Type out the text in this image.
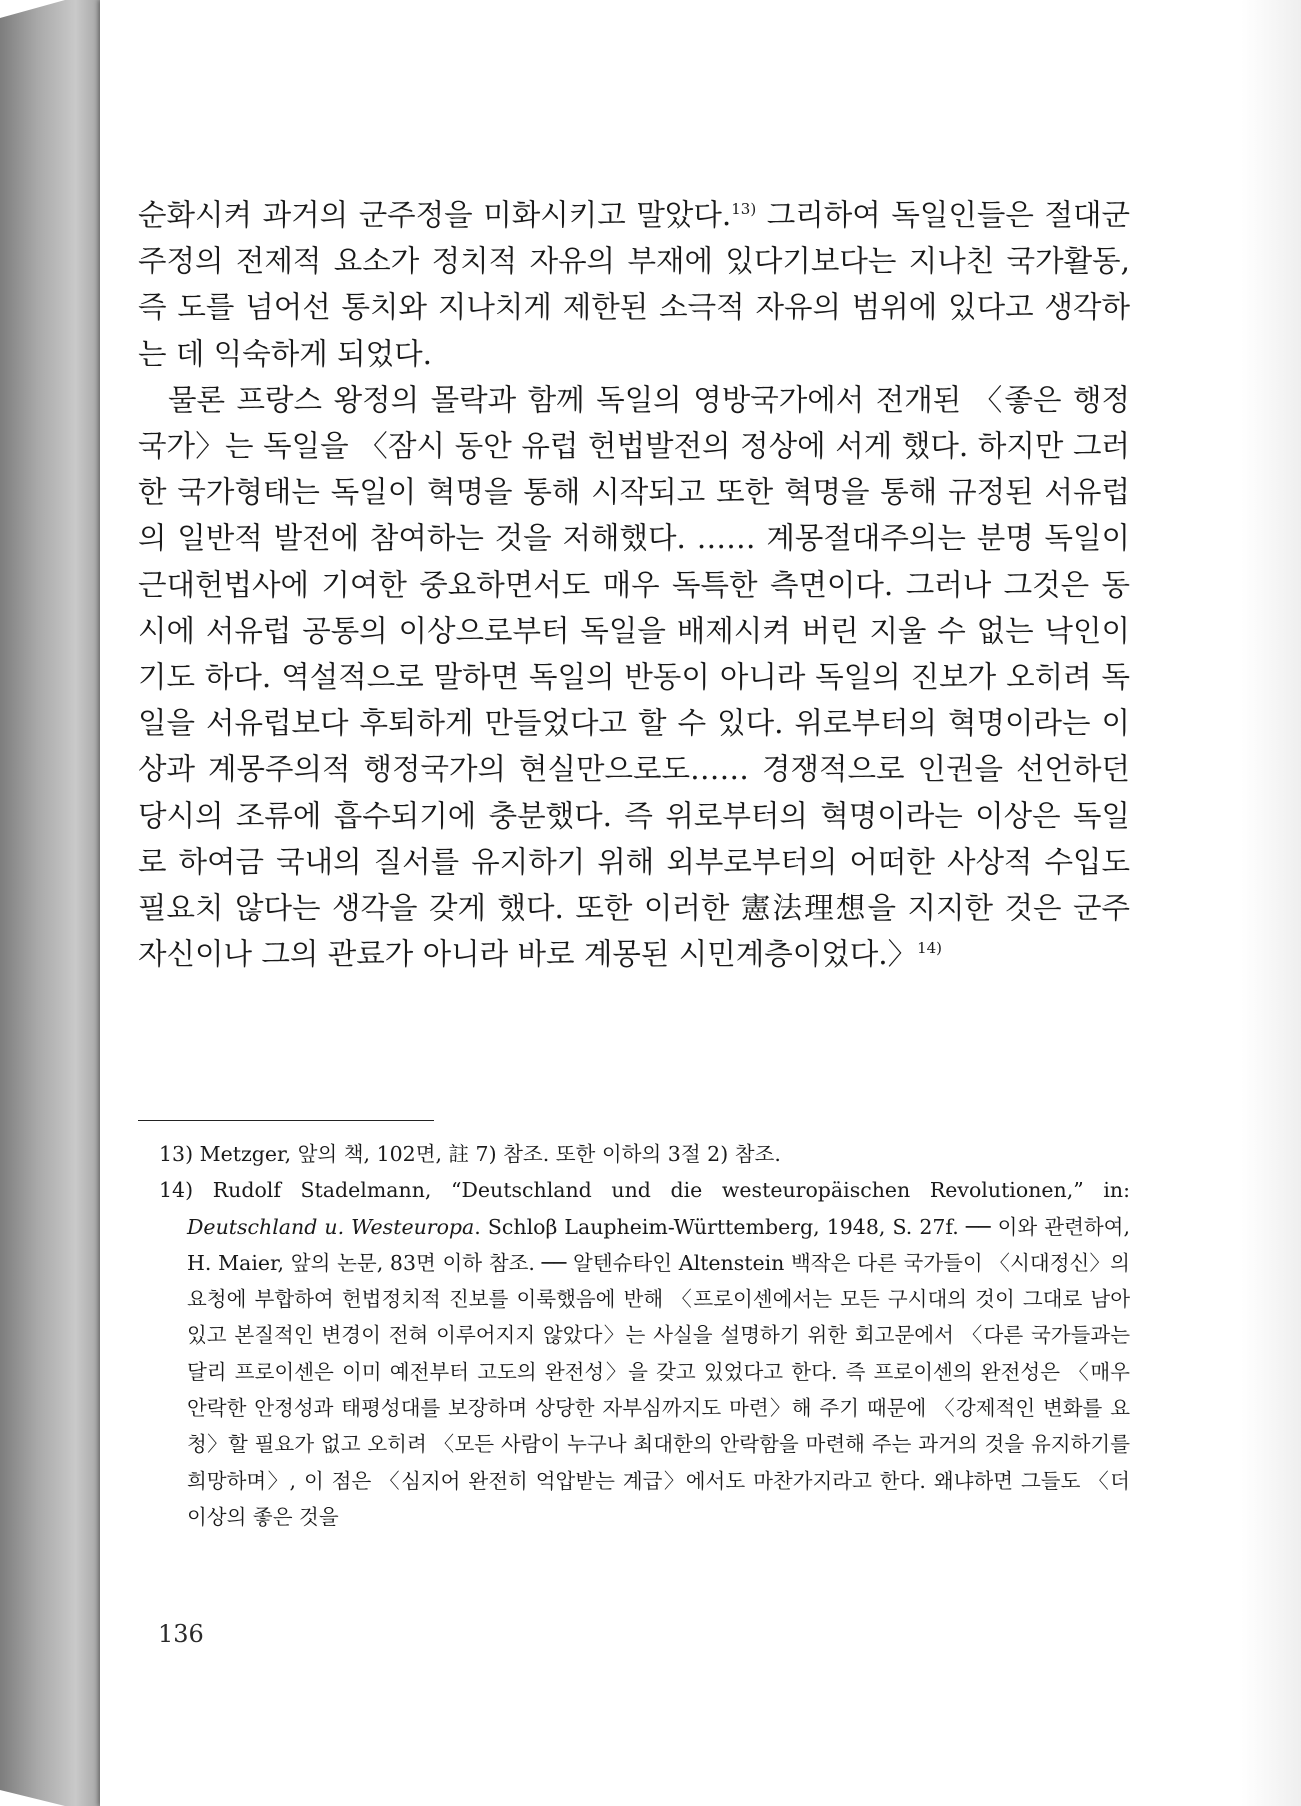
순화시켜 과거의 군주정을 미화시키고 말았다.$^{13)}$ 그리하여 독일인들은 절대군주정의 전제적 요소가 정치적 자유의 부재에 있다기보다는 지나친 국가활동, 즉 도를 넘어선 통치와 지나치게 제한된 소극적 자유의 범위에 있다고 생각하는 데 익숙하게 되었다.

물론 프랑스 왕정의 몰락과 함께 독일의 영방국가에서 전개된 〈좋은 행정국가〉는 독일을 〈잠시 동안 유럽 헌법발전의 정상에 서게 했다. 하지만 그러한 국가형태는 독일이 혁명을 통해 시작되고 또한 혁명을 통해 규정된 서유럽의 일반적 발전에 참여하는 것을 저해했다. …… 계몽절대주의는 분명 독일이 근대헌법사에 기여한 중요하면서도 매우 독특한 측면이다. 그러나 그것은 동시에 서유럽 공통의 이상으로부터 독일을 배제시켜 버린 지울 수 없는 낙인이기도 하다. 역설적으로 말하면 독일의 반동이 아니라 독일의 진보가 오히려 독일을 서유럽보다 후퇴하게 만들었다고 할 수 있다. 위로부터의 혁명이라는 이상과 계몽주의적 행정국가의 현실만으로도…… 경쟁적으로 인권을 선언하던 당시의 조류에 흡수되기에 충분했다. 즉 위로부터의 혁명이라는 이상은 독일로 하여금 국내의 질서를 유지하기 위해 외부로부터의 어떠한 사상적 수입도 필요치 않다는 생각을 갖게 했다. 또한 이러한 憲法理想을 지지한 것은 군주 자신이나 그의 관료가 아니라 바로 계몽된 시민계층이었다.〉$^{14)}$

13) Metzger, 앞의 책, 102면, 註 7) 참조. 또한 이하의 3절 2) 참조.

14) Rudolf Stadelmann, “Deutschland und die westeuropäischen Revolutionen,” in: Deutschland u. Westeuropa. Schloβ Laupheim-Württemberg, 1948, S. 27f. ── 이와 관련하여, H. Maier, 앞의 논문, 83면 이하 참조. ── 알텐슈타인 Altenstein 백작은 다른 국가들이 〈시대정신〉의 요청에 부합하여 헌법정치적 진보를 이룩했음에 반해 〈프로이센에서는 모든 구시대의 것이 그대로 남아 있고 본질적인 변경이 전혀 이루어지지 않았다〉는 사실을 설명하기 위한 회고문에서 〈다른 국가들과는 달리 프로이센은 이미 예전부터 고도의 완전성〉을 갖고 있었다고 한다. 즉 프로이센의 완전성은 〈매우 안락한 안정성과 태평성대를 보장하며 상당한 자부심까지도 마련〉해 주기 때문에 〈강제적인 변화를 요청〉할 필요가 없고 오히려 〈모든 사람이 누구나 최대한의 안락함을 마련해 주는 과거의 것을 유지하기를 희망하며〉, 이 점은 〈심지어 완전히 억압받는 계급〉에서도 마찬가지라고 한다. 왜냐하면 그들도 〈더 이상의 좋은 것을

136
